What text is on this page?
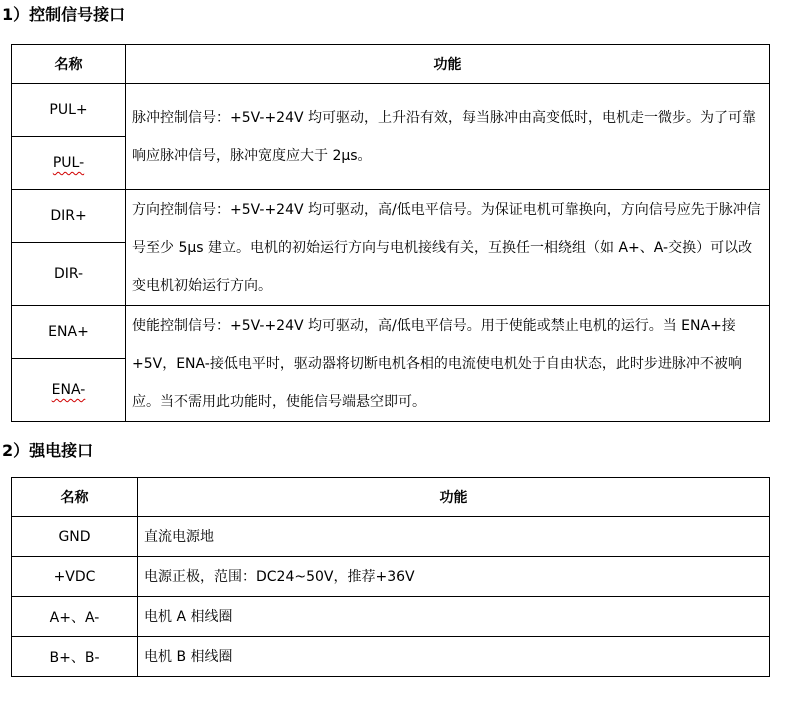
1）控制信号接口
名称	功能
PUL+	脉冲控制信号：+5V-+24V 均可驱动，上升沿有效，每当脉冲由高变低时，电机走一微步。为了可靠响应脉冲信号，脉冲宽度应大于 2μs。
PUL-	
DIR+	方向控制信号：+5V-+24V 均可驱动，高/低电平信号。为保证电机可靠换向，方向信号应先于脉冲信号至少 5μs 建立。电机的初始运行方向与电机接线有关，互换任一相绕组（如 A+、A-交换）可以改变电机初始运行方向。
DIR-	
ENA+	使能控制信号：+5V-+24V 均可驱动，高/低电平信号。用于使能或禁止电机的运行。当 ENA+接+5V，ENA-接低电平时，驱动器将切断电机各相的电流使电机处于自由状态，此时步进脉冲不被响应。当不需用此功能时，使能信号端悬空即可。
ENA-	
2）强电接口
名称	功能
GND	直流电源地
+VDC	电源正极，范围：DC24~50V，推荐+36V
A+、A-	电机 A 相线圈
B+、B-	电机 B 相线圈
